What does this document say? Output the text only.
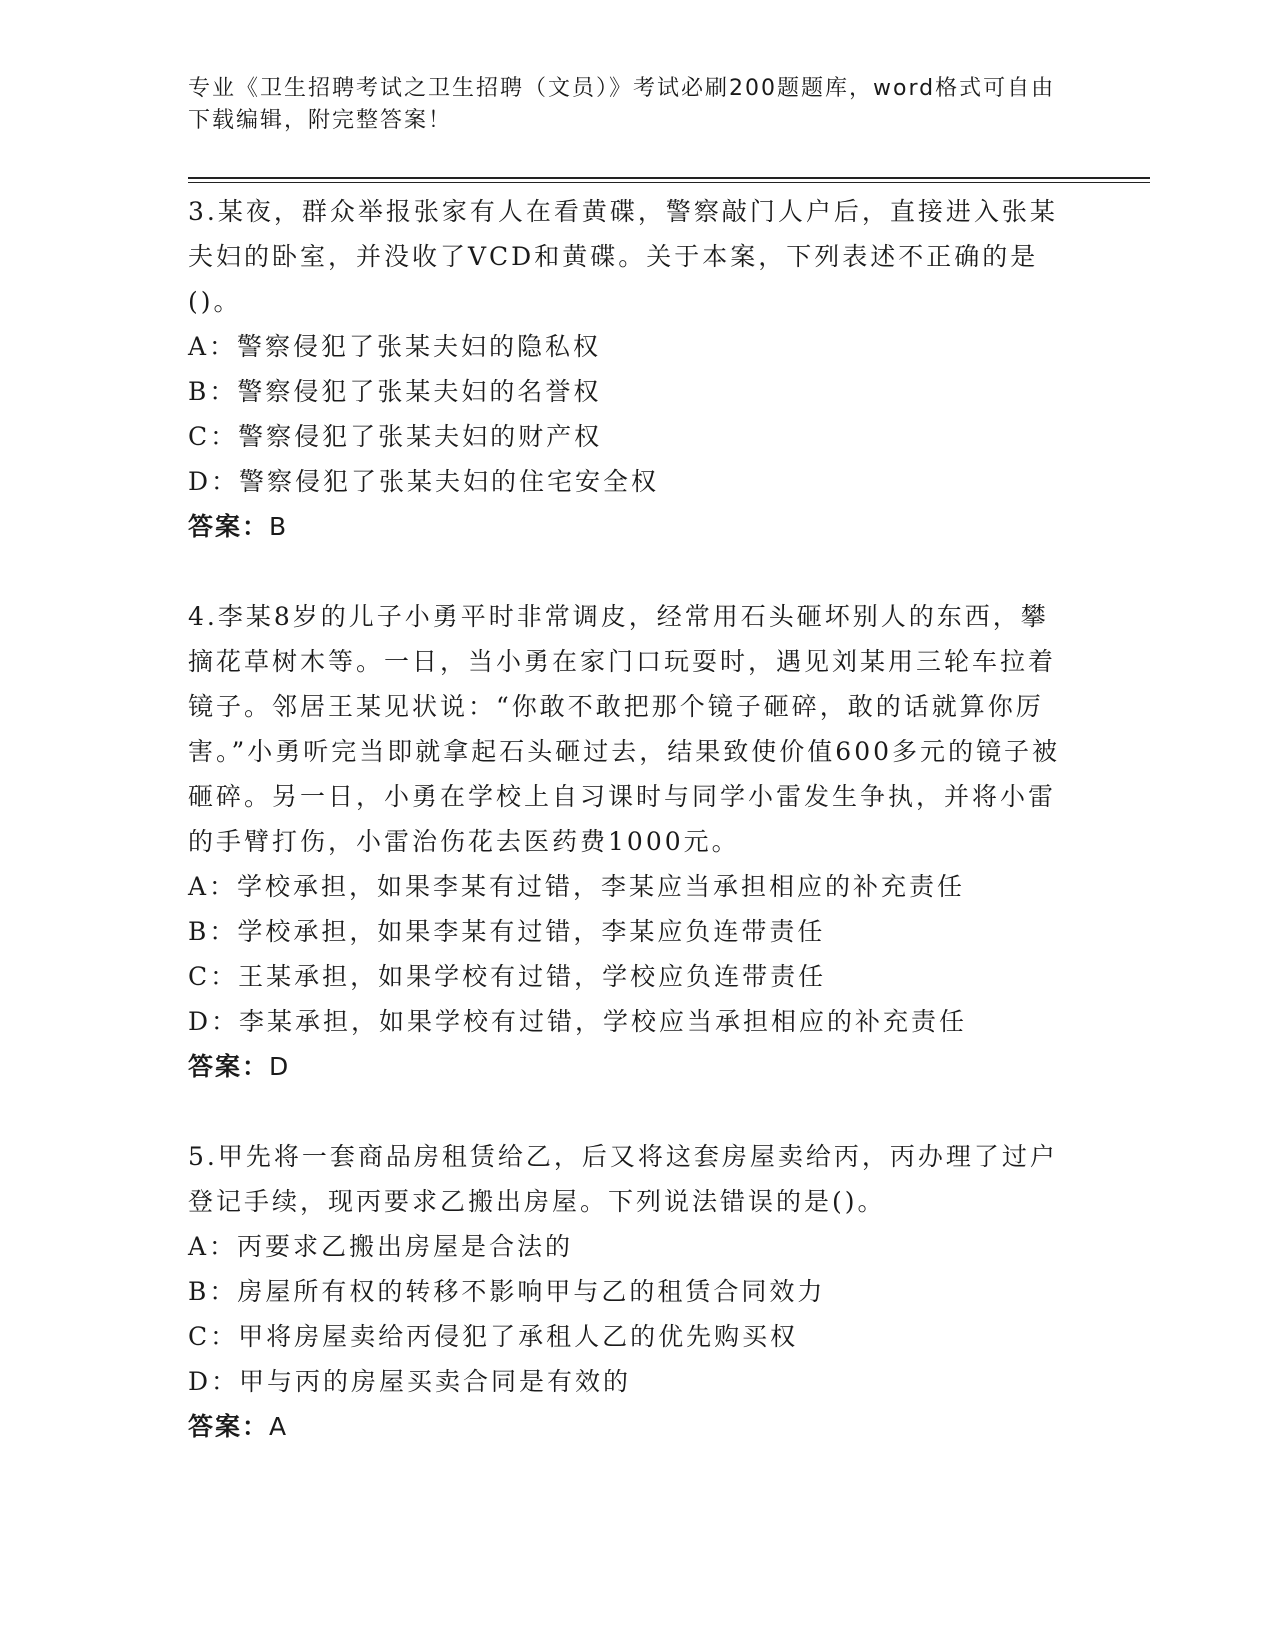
专业《卫生招聘考试之卫生招聘（文员）》考试必刷200题题库，word格式可自由下载编辑，附完整答案！

3.某夜，群众举报张家有人在看黄碟，警察敲门人户后，直接进入张某夫妇的卧室，并没收了VCD和黄碟。关于本案，下列表述不正确的是()。

A：警察侵犯了张某夫妇的隐私权

B：警察侵犯了张某夫妇的名誉权

C：警察侵犯了张某夫妇的财产权

D：警察侵犯了张某夫妇的住宅安全权

答案：B

4.李某8岁的儿子小勇平时非常调皮，经常用石头砸坏别人的东西，攀摘花草树木等。一日，当小勇在家门口玩耍时，遇见刘某用三轮车拉着镜子。邻居王某见状说：“你敢不敢把那个镜子砸碎，敢的话就算你厉害。”小勇听完当即就拿起石头砸过去，结果致使价值600多元的镜子被砸碎。另一日，小勇在学校上自习课时与同学小雷发生争执，并将小雷的手臂打伤，小雷治伤花去医药费1000元。

A：学校承担，如果李某有过错，李某应当承担相应的补充责任

B：学校承担，如果李某有过错，李某应负连带责任

C：王某承担，如果学校有过错，学校应负连带责任

D：李某承担，如果学校有过错，学校应当承担相应的补充责任

答案：D

5.甲先将一套商品房租赁给乙，后又将这套房屋卖给丙，丙办理了过户登记手续，现丙要求乙搬出房屋。下列说法错误的是()。

A：丙要求乙搬出房屋是合法的

B：房屋所有权的转移不影响甲与乙的租赁合同效力

C：甲将房屋卖给丙侵犯了承租人乙的优先购买权

D：甲与丙的房屋买卖合同是有效的

答案：A
